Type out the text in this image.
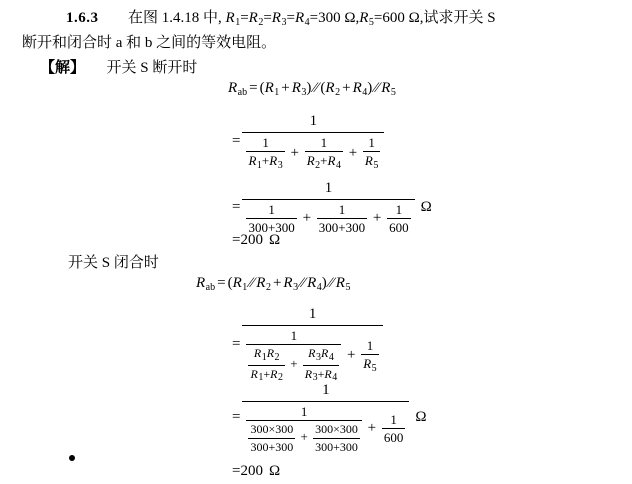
1.6.3 在图 1.4.18 中, $R_1=R_2=R_3=R_4=300$ $\Omega,R_5=600$ Ω,试求开关 S
断开和闭合时 a 和 b 之间的等效电阻。
【解】 开关 S 断开时
$R_{ab} = (R_1 + R_3)$ ⁄⁄ $(R_2 + R_4)$ ⁄⁄ $R_5$
=
1
$\frac{1}{R_1+R_3} + \frac{1}{R_2+R_4} + \frac{1}{R_5}$
=
1
$\frac{1}{300+300} + \frac{1}{300+300} + \frac{1}{600}$ Ω
=200 Ω
开关 S 闭合时
$R_{ab} = (R_1$ ⁄⁄ $R_2 + R_3$ ⁄⁄ $R_4$) ⁄⁄ $R_5$
=
1
$\frac{1}{\frac{R_1R_2}{R_1+R_2} + \frac{R_3R_4}{R_3+R_4}} + \frac{1}{R_5}$
=
1
$\frac{1}{\frac{300\times 300}{300+300} + \frac{300\times 300}{300+300}} + \frac{1}{600}$ Ω
=200 Ω
